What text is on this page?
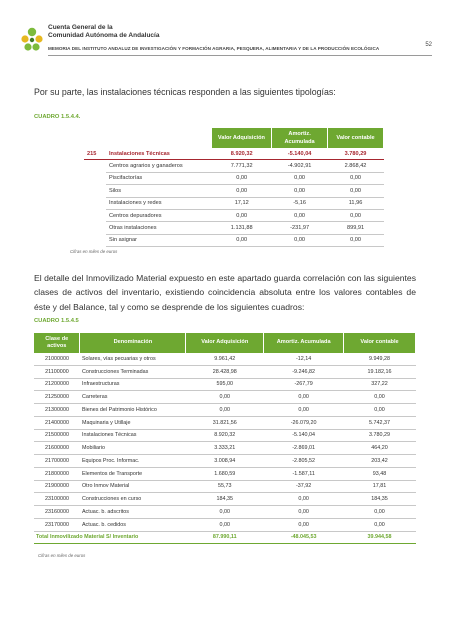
Cuenta General de la
Comunidad Autónoma de Andalucía
52
MEMORIA DEL INSTITUTO ANDALUZ DE INVESTIGACIÓN Y FORMACIÓN AGRARIA, PESQUERA, ALIMENTARIA Y DE LA PRODUCCIÓN ECOLÓGICA
Por su parte, las instalaciones técnicas responden a las siguientes tipologías:
CUADRO 1.5.4.4.
		Valor Adquisición	Amortiz. Acumulada	Valor contable
215	Instalaciones Técnicas	8.920,32	-5.140,04	3.780,29
	Centros agrarios y ganaderos	7.771,32	-4.902,91	2.868,42
	Piscifactorías	0,00	0,00	0,00
	Silos	0,00	0,00	0,00
	Instalaciones y redes	17,12	-5,16	11,96
	Centros depuradores	0,00	0,00	0,00
	Otras instalaciones	1.131,88	-231,97	899,91
	Sin asignar	0,00	0,00	0,00
Cifras en miles de euros
El detalle del Inmovilizado Material expuesto en este apartado guarda correlación con las siguientes clases de activos del inventario, existiendo coincidencia absoluta entre los valores contables de éste y del Balance, tal y como se desprende de los siguientes cuadros:
CUADRO 1.5.4.5
Clase de activos	Denominación	Valor Adquisición	Amortiz. Acumulada	Valor contable
21000000	Solares, vías pecuarias y otros	9.961,42	-12,14	9.949,28
21100000	Construcciones Terminadas	28.428,98	-9.246,82	19.182,16
21200000	Infraestructuras	595,00	-267,79	327,22
21250000	Carreteras	0,00	0,00	0,00
21300000	Bienes del Patrimonio Histórico	0,00	0,00	0,00
21400000	Maquinaria y Utillaje	31.821,56	-26.079,20	5.742,37
21500000	Instalaciones Técnicas	8.920,32	-5.140,04	3.780,29
21600000	Mobiliario	3.333,21	-2.869,01	464,20
21700000	Equipos Proc. Informac.	3.008,94	-2.805,52	203,42
21800000	Elementos de Transporte	1.680,59	-1.587,11	93,48
21900000	Otro Inmov Material	55,73	-37,92	17,81
23100000	Construcciones en curso	184,35	0,00	184,35
23160000	Actuac. b. adscritos	0,00	0,00	0,00
23170000	Actuac. b. cedidos	0,00	0,00	0,00
Total Inmovilizado Material S/ Inventario		87.990,11	-48.045,53	39.944,58
Cifras en miles de euros
